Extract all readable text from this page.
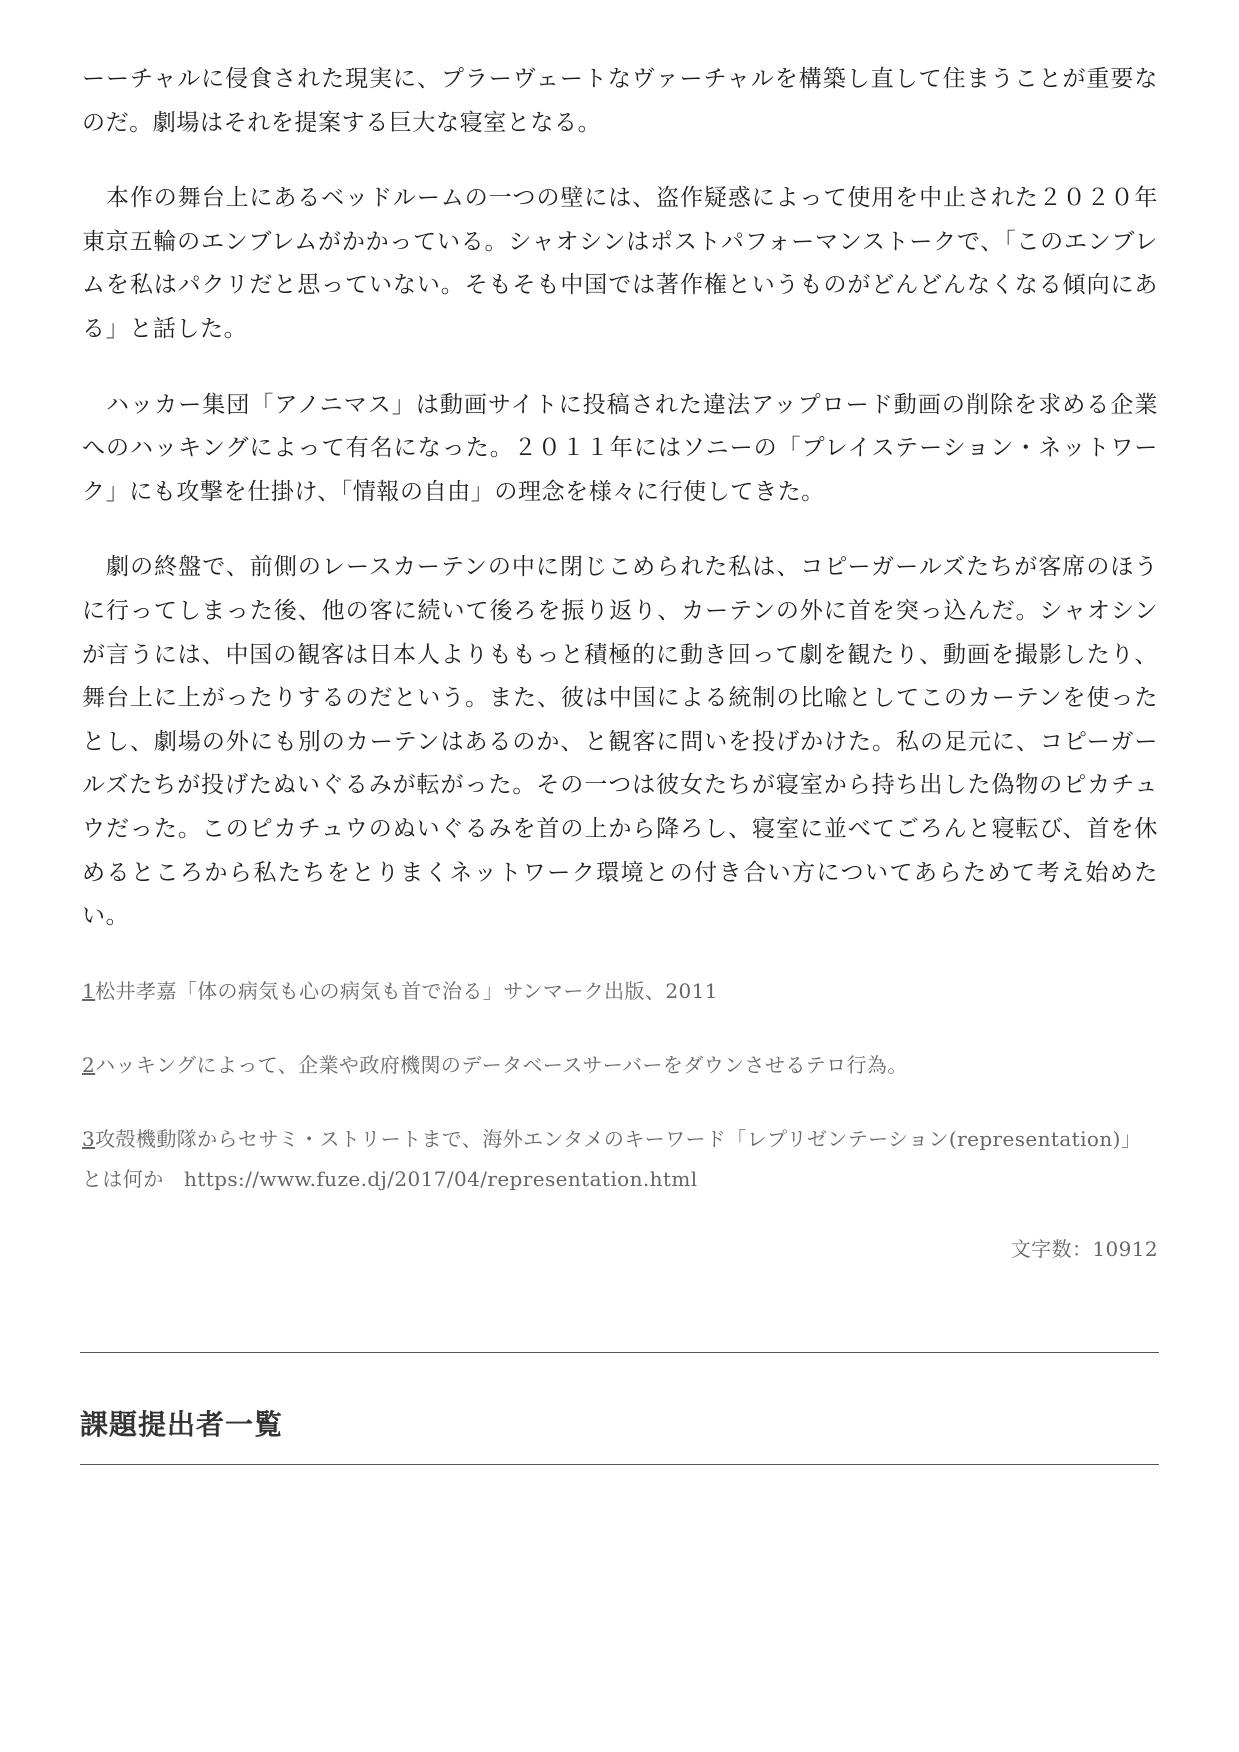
ーーチャルに侵食された現実に、プラーヴェートなヴァーチャルを構築し直して住まうことが重要なのだ。劇場はそれを提案する巨大な寝室となる。

　本作の舞台上にあるベッドルームの一つの壁には、盗作疑惑によって使用を中止された２０２０年東京五輪のエンブレムがかかっている。シャオシンはポストパフォーマンストークで、「このエンブレムを私はパクリだと思っていない。そもそも中国では著作権というものがどんどんなくなる傾向にある」と話した。

　ハッカー集団「アノニマス」は動画サイトに投稿された違法アップロード動画の削除を求める企業へのハッキングによって有名になった。２０１１年にはソニーの「プレイステーション・ネットワーク」にも攻撃を仕掛け、「情報の自由」の理念を様々に行使してきた。

　劇の終盤で、前側のレースカーテンの中に閉じこめられた私は、コピーガールズたちが客席のほうに行ってしまった後、他の客に続いて後ろを振り返り、カーテンの外に首を突っ込んだ。シャオシンが言うには、中国の観客は日本人よりももっと積極的に動き回って劇を観たり、動画を撮影したり、舞台上に上がったりするのだという。また、彼は中国による統制の比喩としてこのカーテンを使ったとし、劇場の外にも別のカーテンはあるのか、と観客に問いを投げかけた。私の足元に、コピーガールズたちが投げたぬいぐるみが転がった。その一つは彼女たちが寝室から持ち出した偽物のピカチュウだった。このピカチュウのぬいぐるみを首の上から降ろし、寝室に並べてごろんと寝転び、首を休めるところから私たちをとりまくネットワーク環境との付き合い方についてあらためて考え始めたい。

1松井孝嘉「体の病気も心の病気も首で治る」サンマーク出版、2011

2ハッキングによって、企業や政府機関のデータベースサーバーをダウンさせるテロ行為。

3攻殻機動隊からセサミ・ストリートまで、海外エンタメのキーワード「レプリゼンテーション(representation)」とは何か　https://www.fuze.dj/2017/04/representation.html

文字数：10912
課題提出者一覧
